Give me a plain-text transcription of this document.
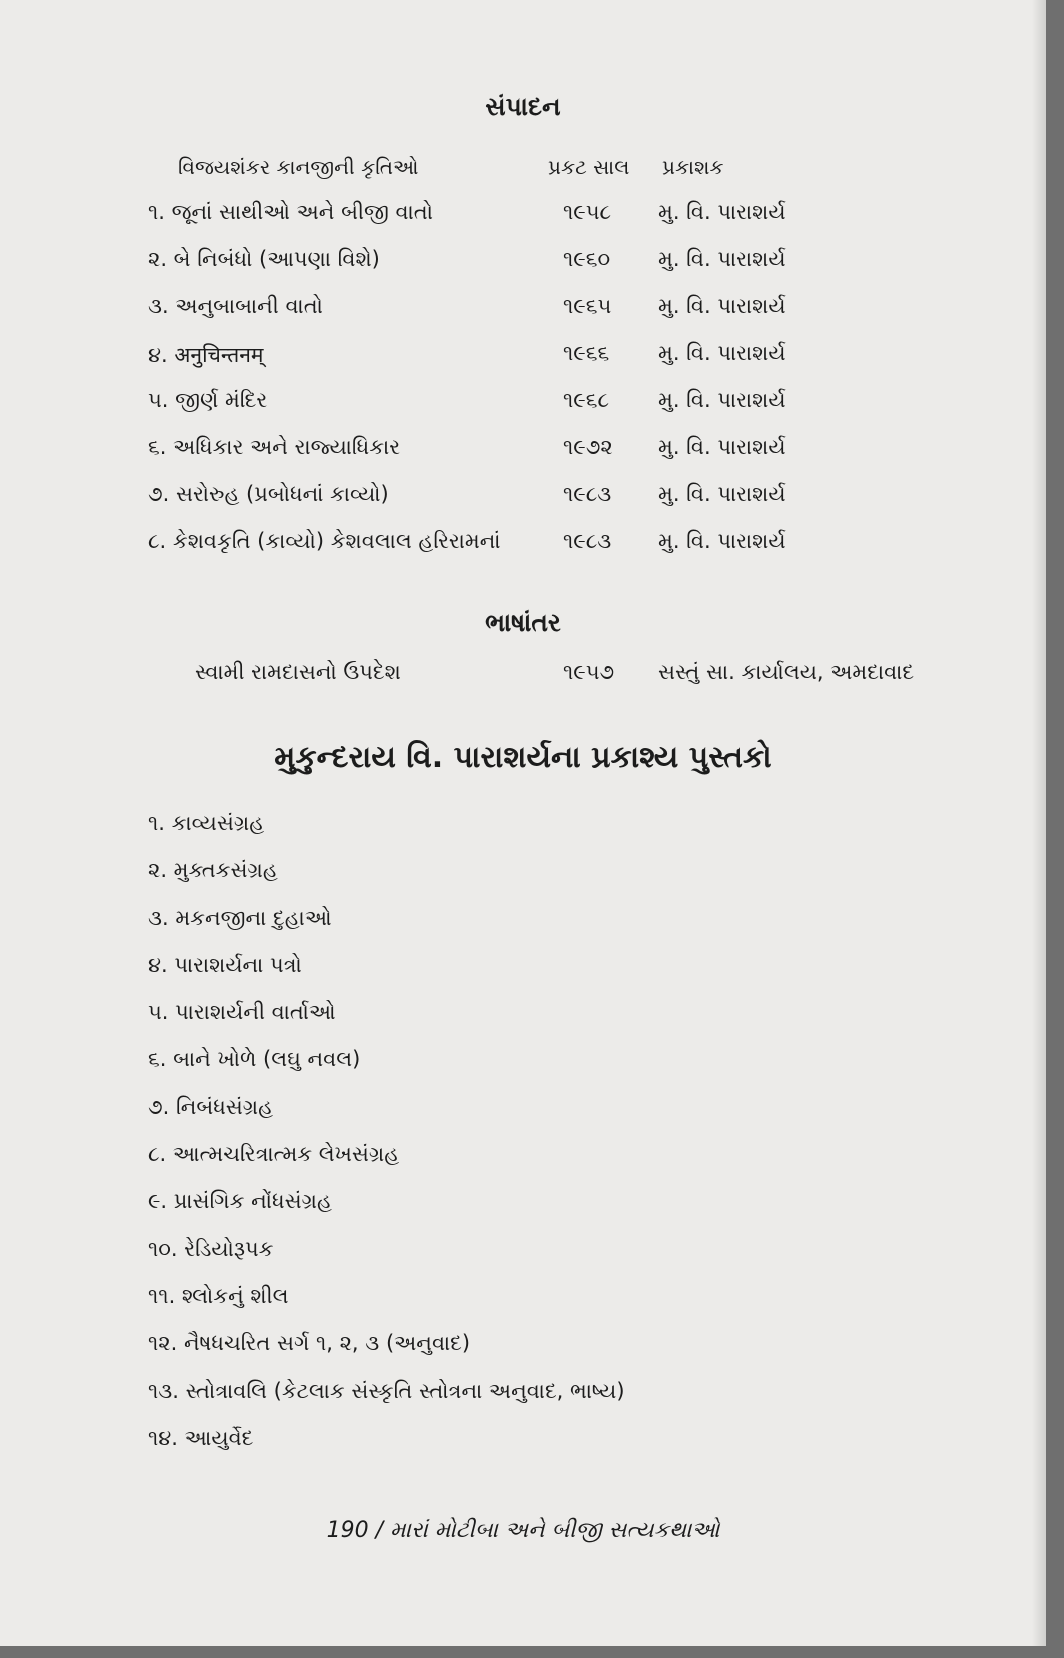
સંપાદન
વિજયશંકર કાનજીની કૃતિઓ	પ્રકટ સાલ પ્રકાશક
૧. જૂનાં સાથીઓ અને બીજી વાતો	૧૯૫૮ મુ. વિ. પારાશર્ય
૨. બે નિબંધો (આપણા વિશે)	૧૯૬૦ મુ. વિ. પારાશર્ય
૩. અનુબાબાની વાતો	૧૯૬૫ મુ. વિ. પારાશર્ય
૪. अनुचिन्तनम्	૧૯૬૬ મુ. વિ. પારાશર્ય
૫. જીર્ણ મંદિર	૧૯૬૮ મુ. વિ. પારાશર્ય
૬. અધિકાર અને રાજ્યાધિકાર	૧૯૭૨ મુ. વિ. પારાશર્ય
૭. સરોરુહ (પ્રબોધનાં કાવ્યો)	૧૯૮૩ મુ. વિ. પારાશર્ય
૮. કેશવકૃતિ (કાવ્યો) કેશવલાલ હરિરામનાં	૧૯૮૩ મુ. વિ. પારાશર્ય
ભાષાંતર
સ્વામી રામદાસનો ઉપદેશ	૧૯૫૭ સસ્તું સા. કાર્યાલય, અમદાવાદ
મુકુન્દરાય વિ. પારાશર્યના પ્રકાશ્ય પુસ્તકો
૧. કાવ્યસંગ્રહ
૨. મુક્તકસંગ્રહ
૩. મકનજીના દુહાઓ
૪. પારાશર્યના પત્રો
૫. પારાશર્યની વાર્તાઓ
૬. બાને ખોળે (લઘુ નવલ)
૭. નિબંધસંગ્રહ
૮. આત્મચરિત્રાત્મક લેખસંગ્રહ
૯. પ્રાસંગિક નોંધસંગ્રહ
૧૦. રેડિયોરૂપક
૧૧. શ્લોકનું શીલ
૧૨. નૈષધચરિત સર્ગ ૧, ૨, ૩ (અનુવાદ)
૧૩. સ્તોત્રાવલિ (કેટલાક સંસ્કૃતિ સ્તોત્રના અનુવાદ, ભાષ્ય)
૧૪. આયુર્વેદ

190 / મારાં મોટીબા અને બીજી સત્યકથાઓ
